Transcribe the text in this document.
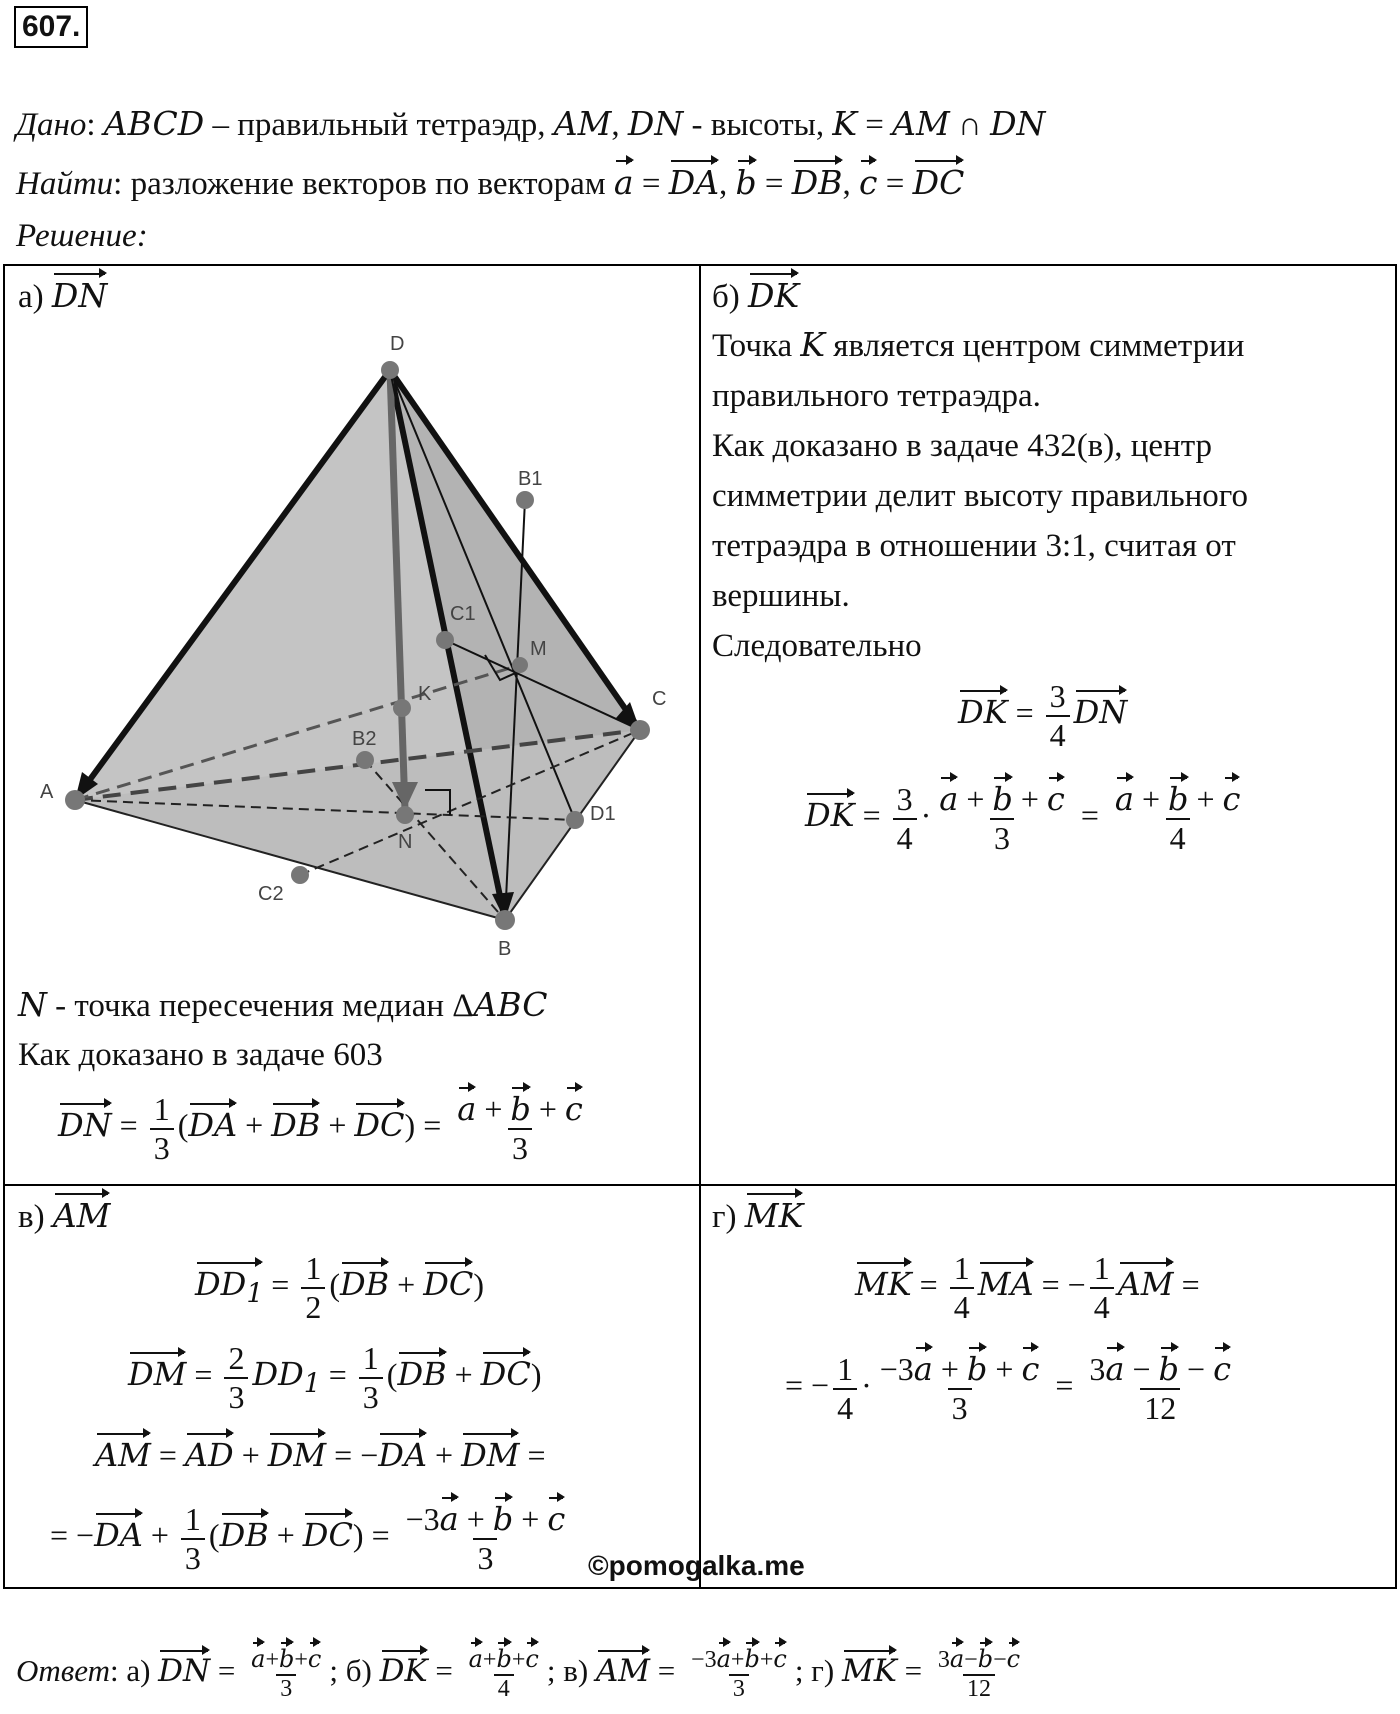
607.
Дано: ABCD – правильный тетраэдр, AM, DN - высоты, K = AM ∩ DN
Найти: разложение векторов по векторам a = DA, b = DB, c = DC
Решение:
а) DN
D
B1
C1
M
K
B2
C
A
N
D1
C2
B
N - точка пересечения медиан ΔABC
Как доказано в задаче 603
DN = $\frac{1}{3} (DA$ + DB + $DC) = \frac{a + b + c}{3}$
б) DK
Точка K является центром симметрии
правильного тетраэдра.
Как доказано в задаче 432(в), центр
симметрии делит высоту правильного
тетраэдра в отношении 3:1, считая от
вершины.
Следовательно
DK = $\frac{3}{4}$ DN
DK = $\frac{3}{4} \cdot \frac{a + b + c}{3} = \frac{a + b + c}{4}$
в) AM
$DD_1 = \frac{1}{2} (DB + DC)$
DM = $\frac{2}{3} DD_1 = \frac{1}{3} (DB + DC)$
AM = AD + DM = −DA + DM =
= $-DA + \frac{1}{3} (DB + DC) = \frac{-3a + b + c}{3}$ ©pomogalka.me
г) MK
MK = $\frac{1}{4}$ MA = − $\frac{1}{4}$ AM =
= − $\frac{1}{4} \cdot \frac{-3a + b + c}{3} = \frac{3a - b - c}{12}$
Ответ: а) DN = $\frac{a+b+c}{3}$ ; б) DK = $\frac{a+b+c}{4}$ ; в) AM = $\frac{-3a+b+c}{3}$ ; г) MK = $\frac{3a-b-c}{12}$
